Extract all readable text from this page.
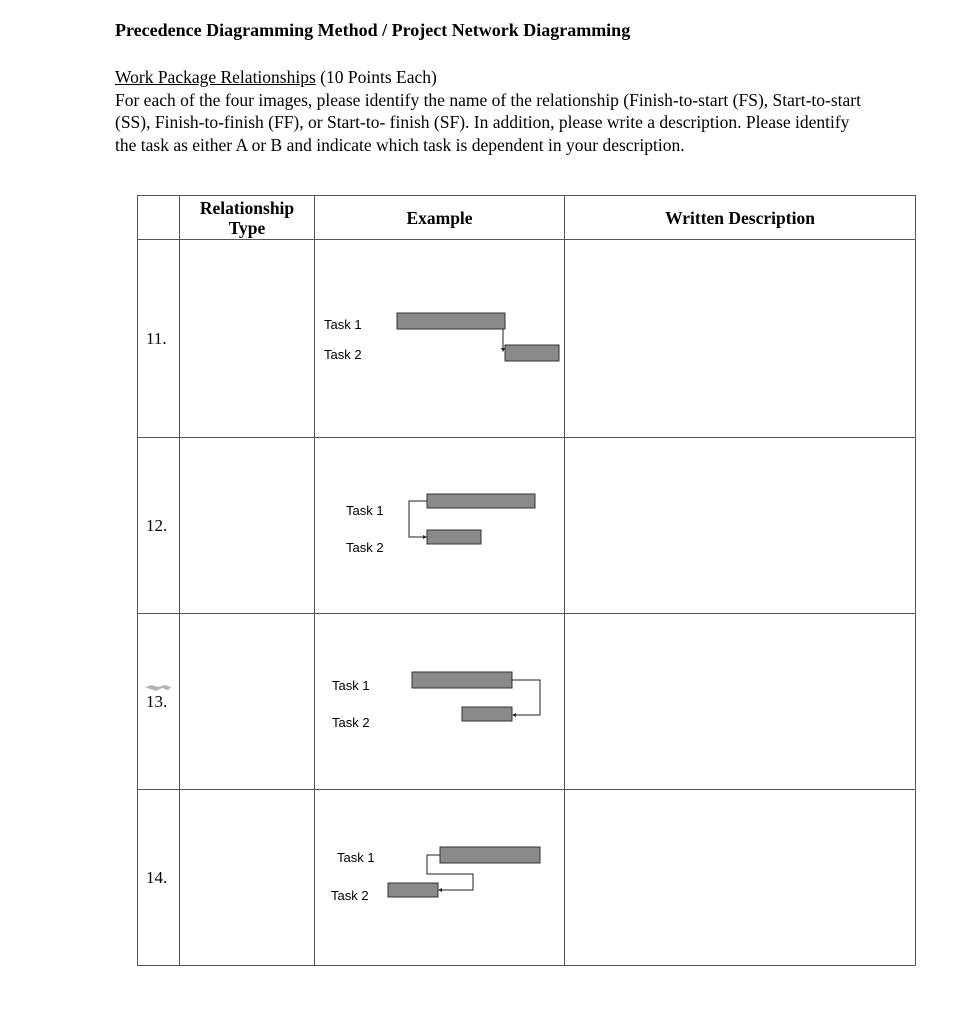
Precedence Diagramming Method / Project Network Diagramming
Work Package Relationships (10 Points Each)
For each of the four images, please identify the name of the relationship (Finish-to-start (FS), Start-to-start (SS), Finish-to-finish (FF), or Start-to- finish (SF). In addition, please write a description. Please identify the task as either A or B and indicate which task is dependent in your description.
	Relationship Type	Example	Written Description
11.		Task 1
Task 2	

12.		Task 1
Task 2	

13.		Task 1
Task 2	

14.		Task 1
Task 2	
